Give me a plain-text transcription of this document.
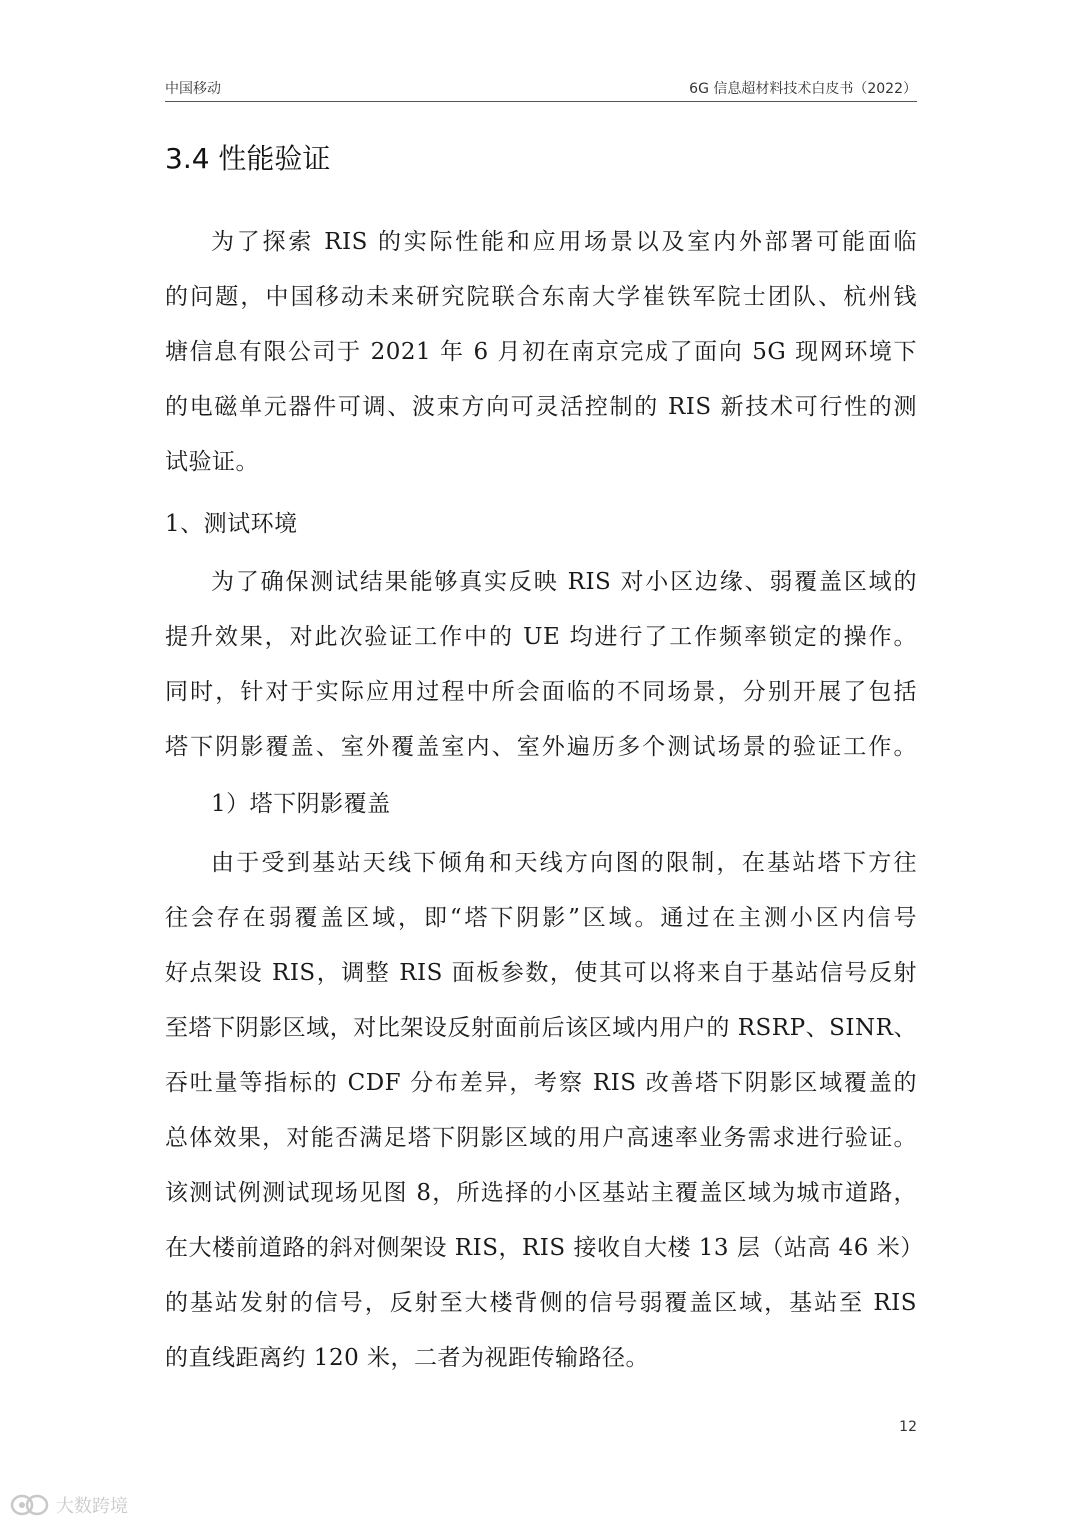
中国移动	6G 信息超材料技术白皮书（2022）
3.4 性能验证
为了探索 RIS 的实际性能和应用场景以及室内外部署可能面临
的问题，中国移动未来研究院联合东南大学崔铁军院士团队、杭州钱
塘信息有限公司于 2021 年 6 月初在南京完成了面向 5G 现网环境下
的电磁单元器件可调、波束方向可灵活控制的 RIS 新技术可行性的测
试验证。
1、测试环境
为了确保测试结果能够真实反映 RIS 对小区边缘、弱覆盖区域的
提升效果，对此次验证工作中的 UE 均进行了工作频率锁定的操作。
同时，针对于实际应用过程中所会面临的不同场景，分别开展了包括
塔下阴影覆盖、室外覆盖室内、室外遍历多个测试场景的验证工作。
1）塔下阴影覆盖
由于受到基站天线下倾角和天线方向图的限制，在基站塔下方往
往会存在弱覆盖区域，即“塔下阴影”区域。通过在主测小区内信号
好点架设 RIS，调整 RIS 面板参数，使其可以将来自于基站信号反射
至塔下阴影区域，对比架设反射面前后该区域内用户的 RSRP、SINR、
吞吐量等指标的 CDF 分布差异，考察 RIS 改善塔下阴影区域覆盖的
总体效果，对能否满足塔下阴影区域的用户高速率业务需求进行验证。
该测试例测试现场见图 8，所选择的小区基站主覆盖区域为城市道路，
在大楼前道路的斜对侧架设 RIS，RIS 接收自大楼 13 层（站高 46 米）
的基站发射的信号，反射至大楼背侧的信号弱覆盖区域，基站至 RIS
的直线距离约 120 米，二者为视距传输路径。
12
大数跨境
